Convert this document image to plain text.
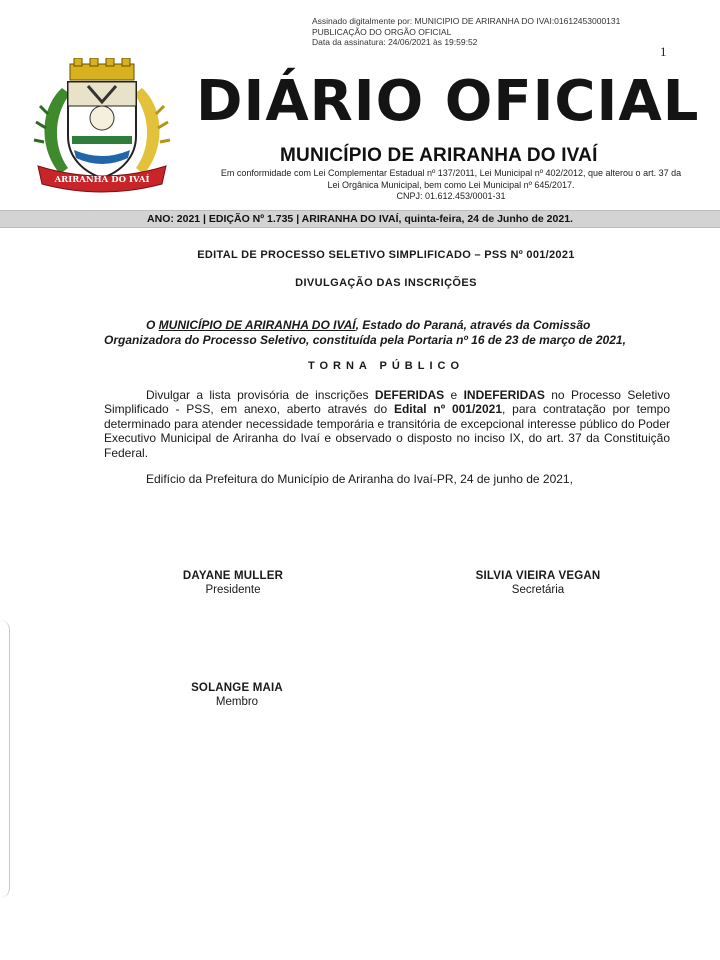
Assinado digitalmente por: MUNICIPIO DE ARIRANHA DO IVAI:01612453000131
PUBLICAÇÃO DO ORGÃO OFICIAL
Data da assinatura: 24/06/2021 às 19:59:52
1
ARIRANHA DO IVAÍ
DIÁRIO OFICIAL
MUNICÍPIO DE ARIRANHA DO IVAÍ
Em conformidade com Lei Complementar Estadual nº 137/2011, Lei Municipal nº 402/2012, que alterou o art. 37 da
Lei Orgânica Municipal, bem como Lei Municipal nº 645/2017.
CNPJ: 01.612.453/0001-31
ANO: 2021 | EDIÇÃO Nº 1.735 | ARIRANHA DO IVAÍ, quinta-feira, 24 de Junho de 2021.
EDITAL DE PROCESSO SELETIVO SIMPLIFICADO – PSS Nº 001/2021
DIVULGAÇÃO DAS INSCRIÇÕES
O MUNICÍPIO DE ARIRANHA DO IVAÍ, Estado do Paraná, através da Comissão Organizadora do Processo Seletivo, constituída pela Portaria nº 16 de 23 de março de 2021,
TORNA PÚBLICO
Divulgar a lista provisória de inscrições DEFERIDAS e INDEFERIDAS no Processo Seletivo Simplificado - PSS, em anexo, aberto através do Edital nº 001/2021, para contratação por tempo determinado para atender necessidade temporária e transitória de excepcional interesse público do Poder Executivo Municipal de Ariranha do Ivaí e observado o disposto no inciso IX, do art. 37 da Constituição Federal.
Edifício da Prefeitura do Município de Ariranha do Ivaí-PR, 24 de junho de 2021,
DAYANE MULLER
Presidente
SILVIA VIEIRA VEGAN
Secretária
SOLANGE MAIA
Membro
